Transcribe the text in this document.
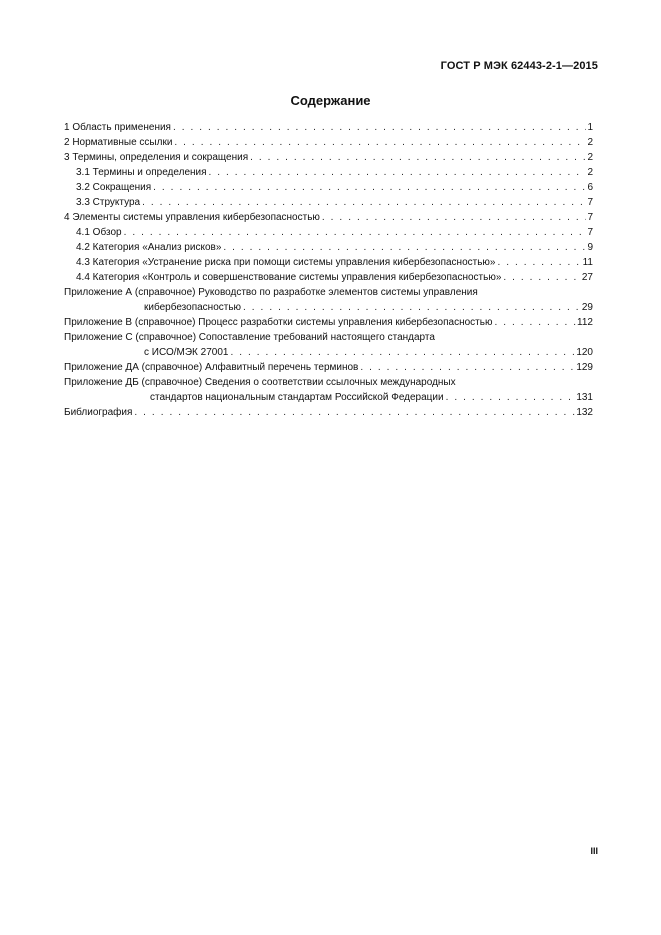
ГОСТ Р МЭК 62443-2-1—2015
Содержание
1 Область применения . . .	1
2 Нормативные ссылки . . .	2
3 Термины, определения и сокращения . . .	2
3.1 Термины и определения . . .	2
3.2 Сокращения . . .	6
3.3 Структура . . .	7
4 Элементы системы управления кибербезопасностью . . .	7
4.1 Обзор . . .	7
4.2 Категория «Анализ рисков» . . .	9
4.3 Категория «Устранение риска при помощи системы управления кибербезопасностью» . . .	11
4.4 Категория «Контроль и совершенствование системы управления кибербезопасностью» . . .	27
Приложение А (справочное) Руководство по разработке элементов системы управления
кибербезопасностью . . .	29
Приложение В (справочное) Процесс разработки системы управления кибербезопасностью . . .	112
Приложение С (справочное) Сопоставление требований настоящего стандарта
с ИСО/МЭК 27001 . . .	120
Приложение ДА (справочное) Алфавитный перечень терминов . . .	129
Приложение ДБ (справочное) Сведения о соответствии ссылочных международных
стандартов национальным стандартам Российской Федерации . . .	131
Библиография . . .	132
III
